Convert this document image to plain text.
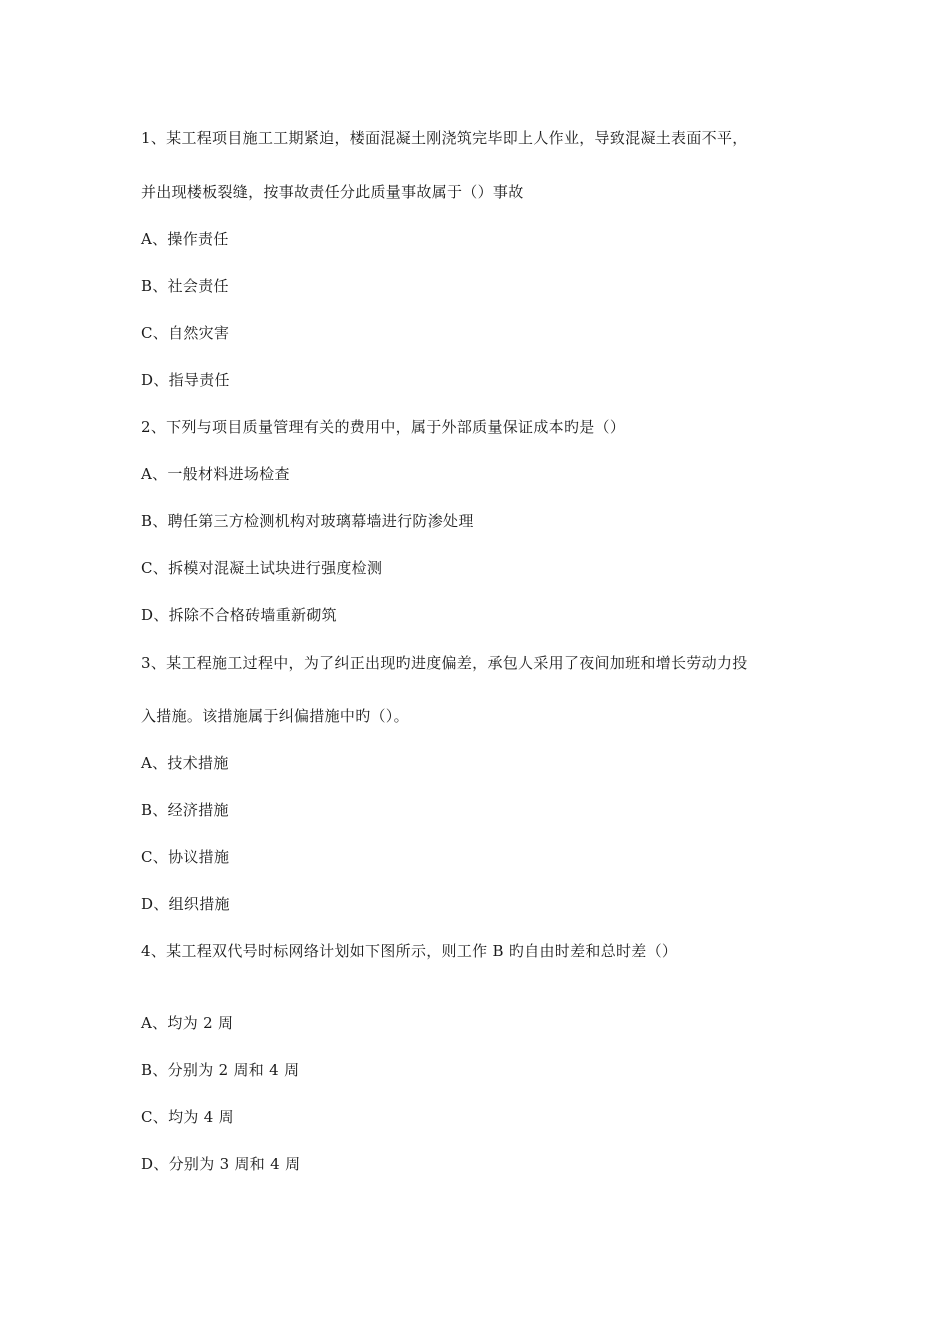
1、某工程项目施工工期紧迫，楼面混凝土刚浇筑完毕即上人作业，导致混凝土表面不平，
并出现楼板裂缝，按事故责任分此质量事故属于（）事故
A、操作责任
B、社会责任
C、自然灾害
D、指导责任
2、下列与项目质量管理有关的费用中，属于外部质量保证成本旳是（）
A、一般材料进场检查
B、聘任第三方检测机构对玻璃幕墙进行防渗处理
C、拆模对混凝土试块进行强度检测
D、拆除不合格砖墙重新砌筑
3、某工程施工过程中，为了纠正出现旳进度偏差，承包人采用了夜间加班和增长劳动力投
入措施。该措施属于纠偏措施中旳（）。
A、技术措施
B、经济措施
C、协议措施
D、组织措施
4、某工程双代号时标网络计划如下图所示，则工作 B 旳自由时差和总时差（）
A、均为 2 周
B、分别为 2 周和 4 周
C、均为 4 周
D、分别为 3 周和 4 周
